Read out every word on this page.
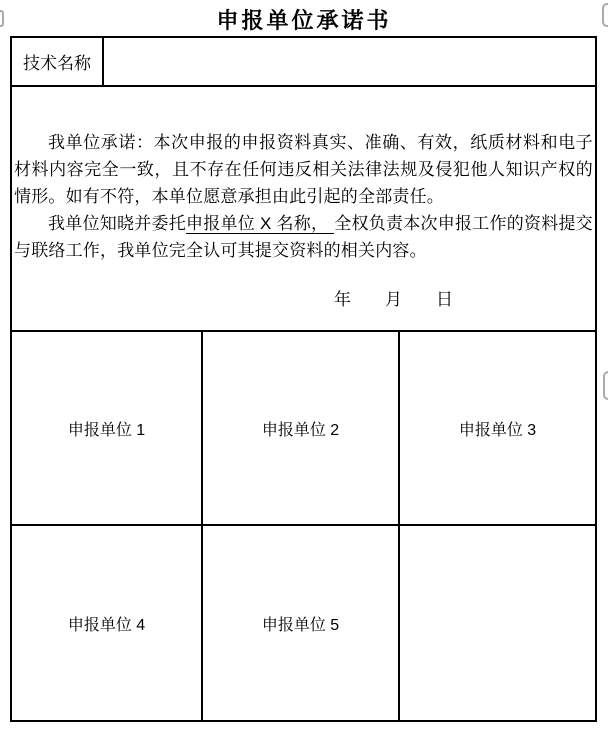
申报单位承诺书
技术名称

我单位承诺：本次申报的申报资料真实、准确、有效，纸质材料和电子材料内容完全一致，且不存在任何违反相关法律法规及侵犯他人知识产权的情形。如有不符，本单位愿意承担由此引起的全部责任。

我单位知晓并委托申报单位 X 名称， 全权负责本次申报工作的资料提交与联络工作，我单位完全认可其提交资料的相关内容。

年　　月　　日
申报单位 1	申报单位 2	申报单位 3
申报单位 4	申报单位 5
